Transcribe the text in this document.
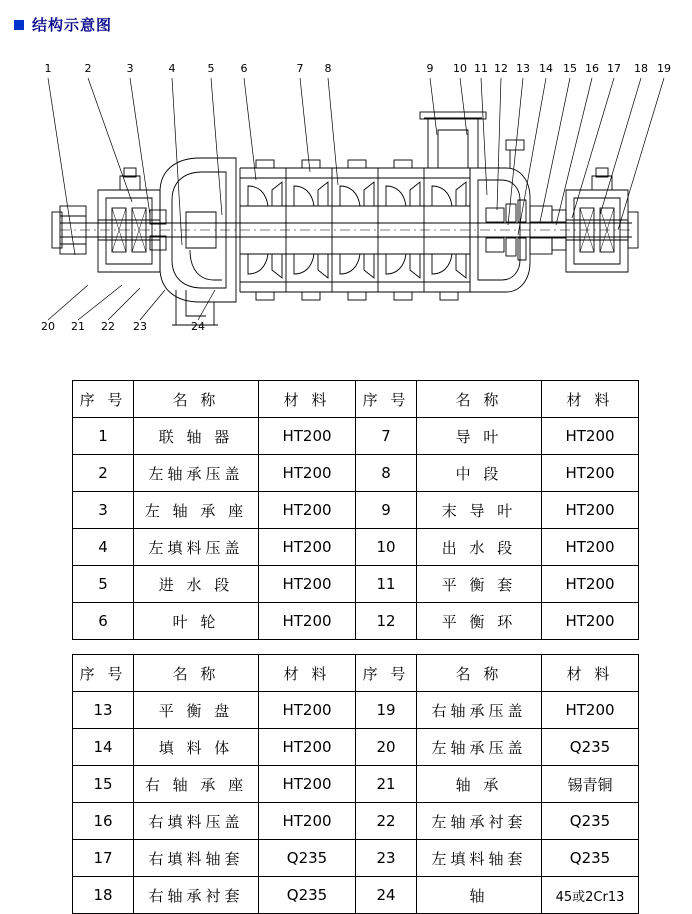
结构示意图
1	2	3	4	5 6	7 8	9 10 11 12 13 14 15 16 17 18 19
20 21 22 23	24
序 号	名 称	材 料	序 号	名 称	材 料
1	联 轴 器	HT200	7	导 叶	HT200
2	左轴承压盖	HT200	8	中 段	HT200
3	左 轴 承 座	HT200	9	末 导 叶	HT200
4	左填料压盖	HT200	10	出 水 段	HT200
5	进 水 段	HT200	11	平 衡 套	HT200
6	叶 轮	HT200	12	平 衡 环	HT200
序 号	名 称	材 料	序 号	名 称	材 料
13	平 衡 盘	HT200	19	右轴承压盖	HT200
14	填 料 体	HT200	20	左轴承压盖	Q235
15	右 轴 承 座	HT200	21	轴 承	锡青铜
16	右填料压盖	HT200	22	左轴承衬套	Q235
17	右填料轴套	Q235	23	左填料轴套	Q235
18	右轴承衬套	Q235	24	轴	45或2Cr13
